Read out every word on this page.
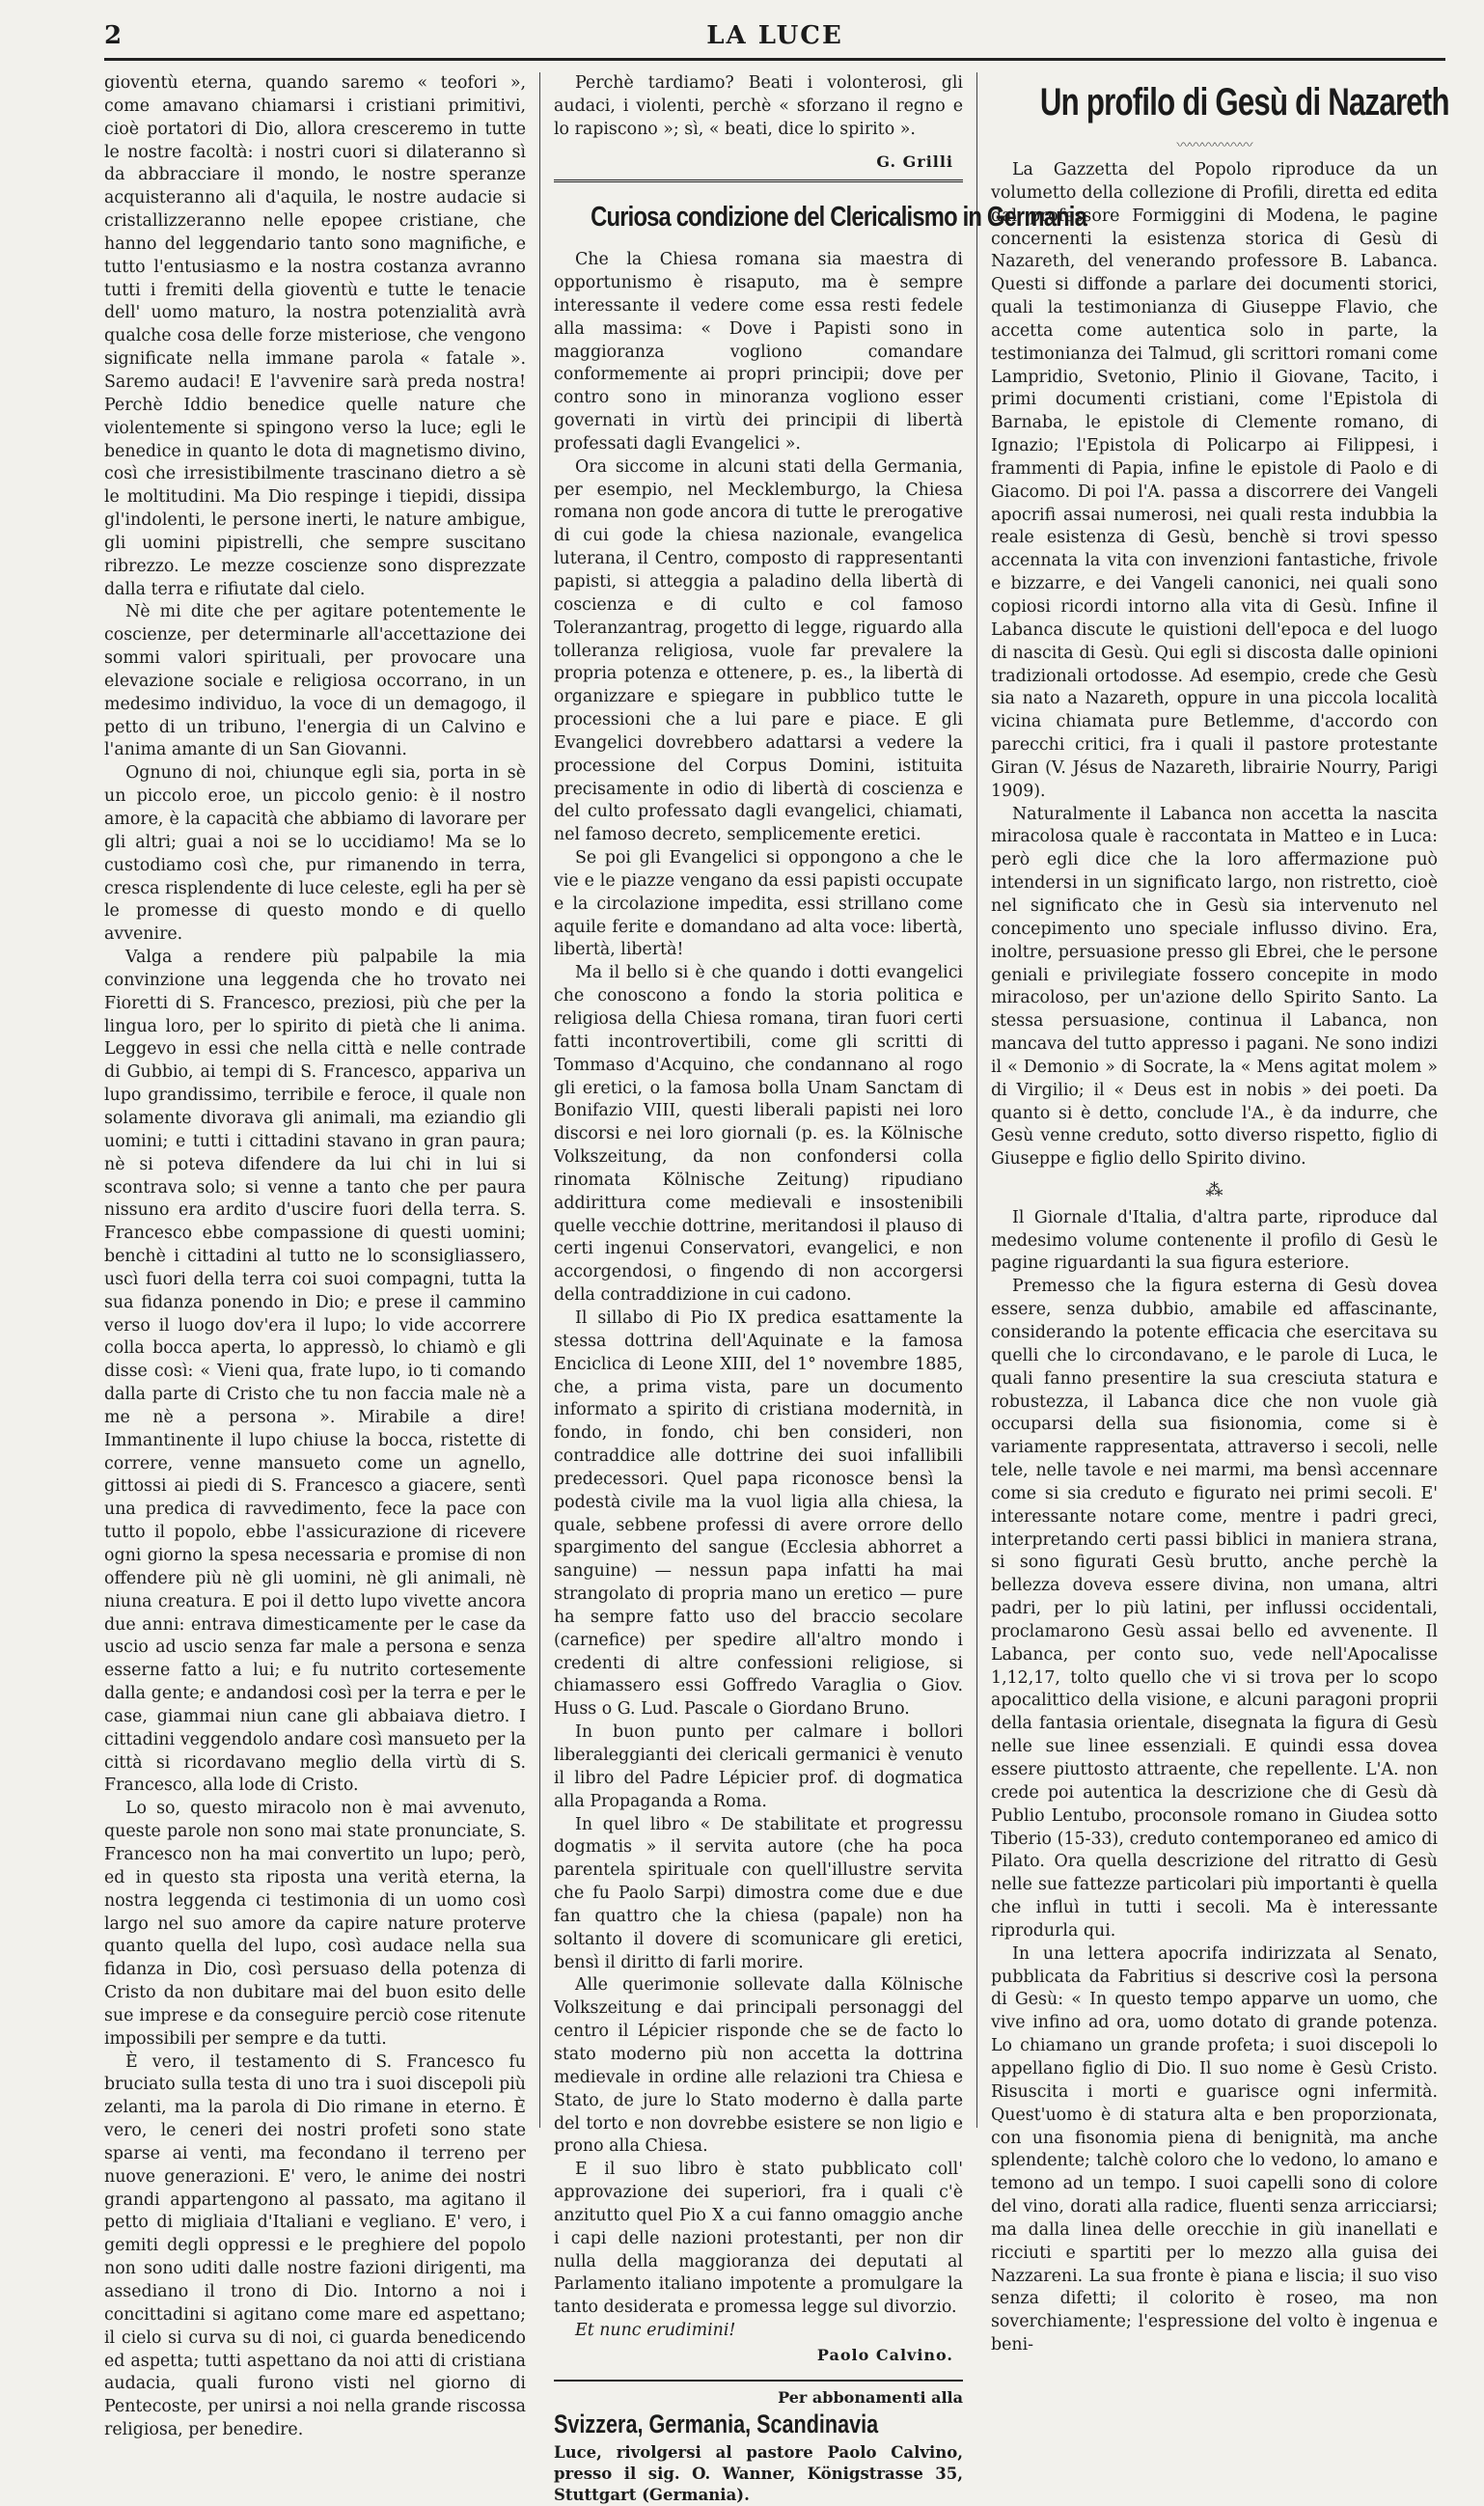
2	LA LUCE

gioventù eterna, quando saremo « teofori », come amavano chiamarsi i cristiani primitivi, cioè portatori di Dio, allora cresceremo in tutte le nostre facoltà: i nostri cuori si dilateranno sì da abbracciare il mondo, le nostre speranze acquisteranno ali d'aquila, le nostre audacie si cristallizzeranno nelle epopee cristiane, che hanno del leggendario tanto sono magnifiche, e tutto l'entusiasmo e la nostra costanza avranno tutti i fremiti della gioventù e tutte le tenacie dell' uomo maturo, la nostra potenzialità avrà qualche cosa delle forze misteriose, che vengono significate nella immane parola « fatale ». Saremo audaci! E l'avvenire sarà preda nostra! Perchè Iddio benedice quelle nature che violentemente si spingono verso la luce; egli le benedice in quanto le dota di magnetismo divino, così che irresistibilmente trascinano dietro a sè le moltitudini. Ma Dio respinge i tiepidi, dissipa gl'indolenti, le persone inerti, le nature ambigue, gli uomini pipistrelli, che sempre suscitano ribrezzo. Le mezze coscienze sono disprezzate dalla terra e rifiutate dal cielo.

Nè mi dite che per agitare potentemente le coscienze, per determinarle all'accettazione dei sommi valori spirituali, per provocare una elevazione sociale e religiosa occorrano, in un medesimo individuo, la voce di un demagogo, il petto di un tribuno, l'energia di un Calvino e l'anima amante di un San Giovanni.

Ognuno di noi, chiunque egli sia, porta in sè un piccolo eroe, un piccolo genio: è il nostro amore, è la capacità che abbiamo di lavorare per gli altri; guai a noi se lo uccidiamo! Ma se lo custodiamo così che, pur rimanendo in terra, cresca risplendente di luce celeste, egli ha per sè le promesse di questo mondo e di quello avvenire.

Valga a rendere più palpabile la mia convinzione una leggenda che ho trovato nei Fioretti di S. Francesco, preziosi, più che per la lingua loro, per lo spirito di pietà che li anima. Leggevo in essi che nella città e nelle contrade di Gubbio, ai tempi di S. Francesco, appariva un lupo grandissimo, terribile e feroce, il quale non solamente divorava gli animali, ma eziandio gli uomini; e tutti i cittadini stavano in gran paura; nè si poteva difendere da lui chi in lui si scontrava solo; si venne a tanto che per paura nissuno era ardito d'uscire fuori della terra. S. Francesco ebbe compassione di questi uomini; benchè i cittadini al tutto ne lo sconsigliassero, uscì fuori della terra coi suoi compagni, tutta la sua fidanza ponendo in Dio; e prese il cammino verso il luogo dov'era il lupo; lo vide accorrere colla bocca aperta, lo appressò, lo chiamò e gli disse così: « Vieni qua, frate lupo, io ti comando dalla parte di Cristo che tu non faccia male nè a me nè a persona ». Mirabile a dire! Immantinente il lupo chiuse la bocca, ristette di correre, venne mansueto come un agnello, gittossi ai piedi di S. Francesco a giacere, sentì una predica di ravvedimento, fece la pace con tutto il popolo, ebbe l'assicurazione di ricevere ogni giorno la spesa necessaria e promise di non offendere più nè gli uomini, nè gli animali, nè niuna creatura. E poi il detto lupo vivette ancora due anni: entrava dimesticamente per le case da uscio ad uscio senza far male a persona e senza esserne fatto a lui; e fu nutrito cortesemente dalla gente; e andandosi così per la terra e per le case, giammai niun cane gli abbaiava dietro. I cittadini veggendolo andare così mansueto per la città si ricordavano meglio della virtù di S. Francesco, alla lode di Cristo.

Lo so, questo miracolo non è mai avvenuto, queste parole non sono mai state pronunciate, S. Francesco non ha mai convertito un lupo; però, ed in questo sta riposta una verità eterna, la nostra leggenda ci testimonia di un uomo così largo nel suo amore da capire nature proterve quanto quella del lupo, così audace nella sua fidanza in Dio, così persuaso della potenza di Cristo da non dubitare mai del buon esito delle sue imprese e da conseguire perciò cose ritenute impossibili per sempre e da tutti.

È vero, il testamento di S. Francesco fu bruciato sulla testa di uno tra i suoi discepoli più zelanti, ma la parola di Dio rimane in eterno. È vero, le ceneri dei nostri profeti sono state sparse ai venti, ma fecondano il terreno per nuove generazioni. E' vero, le anime dei nostri grandi appartengono al passato, ma agitano il petto di migliaia d'Italiani e vegliano. E' vero, i gemiti degli oppressi e le preghiere del popolo non sono uditi dalle nostre fazioni dirigenti, ma assediano il trono di Dio. Intorno a noi i concittadini si agitano come mare ed aspettano; il cielo si curva su di noi, ci guarda benedicendo ed aspetta; tutti aspettano da noi atti di cristiana audacia, quali furono visti nel giorno di Pentecoste, per unirsi a noi nella grande riscossa religiosa, per benedire.

Perchè tardiamo? Beati i volonterosi, gli audaci, i violenti, perchè « sforzano il regno e lo rapiscono »; sì, « beati, dice lo spirito ».

G. Grilli
Curiosa condizione del Clericalismo in Germania

Che la Chiesa romana sia maestra di opportunismo è risaputo, ma è sempre interessante il vedere come essa resti fedele alla massima: « Dove i Papisti sono in maggioranza vogliono comandare conformemente ai propri principii; dove per contro sono in minoranza vogliono esser governati in virtù dei principii di libertà professati dagli Evangelici ».

Ora siccome in alcuni stati della Germania, per esempio, nel Mecklemburgo, la Chiesa romana non gode ancora di tutte le prerogative di cui gode la chiesa nazionale, evangelica luterana, il Centro, composto di rappresentanti papisti, si atteggia a paladino della libertà di coscienza e di culto e col famoso Toleranzantrag, progetto di legge, riguardo alla tolleranza religiosa, vuole far prevalere la propria potenza e ottenere, p. es., la libertà di organizzare e spiegare in pubblico tutte le processioni che a lui pare e piace. E gli Evangelici dovrebbero adattarsi a vedere la processione del Corpus Domini, istituita precisamente in odio di libertà di coscienza e del culto professato dagli evangelici, chiamati, nel famoso decreto, semplicemente eretici.

Se poi gli Evangelici si oppongono a che le vie e le piazze vengano da essi papisti occupate e la circolazione impedita, essi strillano come aquile ferite e domandano ad alta voce: libertà, libertà, libertà!

Ma il bello si è che quando i dotti evangelici che conoscono a fondo la storia politica e religiosa della Chiesa romana, tiran fuori certi fatti incontrovertibili, come gli scritti di Tommaso d'Acquino, che condannano al rogo gli eretici, o la famosa bolla Unam Sanctam di Bonifazio VIII, questi liberali papisti nei loro discorsi e nei loro giornali (p. es. la Kölnische Volkszeitung, da non confondersi colla rinomata Kölnische Zeitung) ripudiano addirittura come medievali e insostenibili quelle vecchie dottrine, meritandosi il plauso di certi ingenui Conservatori, evangelici, e non accorgendosi, o fingendo di non accorgersi della contraddizione in cui cadono.

Il sillabo di Pio IX predica esattamente la stessa dottrina dell'Aquinate e la famosa Enciclica di Leone XIII, del 1° novembre 1885, che, a prima vista, pare un documento informato a spirito di cristiana modernità, in fondo, in fondo, chi ben consideri, non contraddice alle dottrine dei suoi infallibili predecessori. Quel papa riconosce bensì la podestà civile ma la vuol ligia alla chiesa, la quale, sebbene professi di avere orrore dello spargimento del sangue (Ecclesia abhorret a sanguine) — nessun papa infatti ha mai strangolato di propria mano un eretico — pure ha sempre fatto uso del braccio secolare (carnefice) per spedire all'altro mondo i credenti di altre confessioni religiose, si chiamassero essi Goffredo Varaglia o Giov. Huss o G. Lud. Pascale o Giordano Bruno.

In buon punto per calmare i bollori liberaleggianti dei clericali germanici è venuto il libro del Padre Lépicier prof. di dogmatica alla Propaganda a Roma.

In quel libro « De stabilitate et progressu dogmatis » il servita autore (che ha poca parentela spirituale con quell'illustre servita che fu Paolo Sarpi) dimostra come due e due fan quattro che la chiesa (papale) non ha soltanto il dovere di scomunicare gli eretici, bensì il diritto di farli morire.

Alle querimonie sollevate dalla Kölnische Volkszeitung e dai principali personaggi del centro il Lépicier risponde che se de facto lo stato moderno più non accetta la dottrina medievale in ordine alle relazioni tra Chiesa e Stato, de jure lo Stato moderno è dalla parte del torto e non dovrebbe esistere se non ligio e prono alla Chiesa.

E il suo libro è stato pubblicato coll' approvazione dei superiori, fra i quali c'è anzitutto quel Pio X a cui fanno omaggio anche i capi delle nazioni protestanti, per non dir nulla della maggioranza dei deputati al Parlamento italiano impotente a promulgare la tanto desiderata e promessa legge sul divorzio.

Et nunc erudimini!

Paolo Calvino.
Per abbonamenti alla
Svizzera, Germania, Scandinavia
Luce, rivolgersi al pastore Paolo Calvino, presso il sig. O. Wanner, Königstrasse 35, Stuttgart (Germania).
Un profilo di Gesù di Nazareth
〰〰〰〰〰〰

La Gazzetta del Popolo riproduce da un volumetto della collezione di Profili, diretta ed edita dal professore Formiggini di Modena, le pagine concernenti la esistenza storica di Gesù di Nazareth, del venerando professore B. Labanca. Questi si diffonde a parlare dei documenti storici, quali la testimonianza di Giuseppe Flavio, che accetta come autentica solo in parte, la testimonianza dei Talmud, gli scrittori romani come Lampridio, Svetonio, Plinio il Giovane, Tacito, i primi documenti cristiani, come l'Epistola di Barnaba, le epistole di Clemente romano, di Ignazio; l'Epistola di Policarpo ai Filippesi, i frammenti di Papia, infine le epistole di Paolo e di Giacomo. Di poi l'A. passa a discorrere dei Vangeli apocrifi assai numerosi, nei quali resta indubbia la reale esistenza di Gesù, benchè si trovi spesso accennata la vita con invenzioni fantastiche, frivole e bizzarre, e dei Vangeli canonici, nei quali sono copiosi ricordi intorno alla vita di Gesù. Infine il Labanca discute le quistioni dell'epoca e del luogo di nascita di Gesù. Qui egli si discosta dalle opinioni tradizionali ortodosse. Ad esempio, crede che Gesù sia nato a Nazareth, oppure in una piccola località vicina chiamata pure Betlemme, d'accordo con parecchi critici, fra i quali il pastore protestante Giran (V. Jésus de Nazareth, librairie Nourry, Parigi 1909).

Naturalmente il Labanca non accetta la nascita miracolosa quale è raccontata in Matteo e in Luca: però egli dice che la loro affermazione può intendersi in un significato largo, non ristretto, cioè nel significato che in Gesù sia intervenuto nel concepimento uno speciale influsso divino. Era, inoltre, persuasione presso gli Ebrei, che le persone geniali e privilegiate fossero concepite in modo miracoloso, per un'azione dello Spirito Santo. La stessa persuasione, continua il Labanca, non mancava del tutto appresso i pagani. Ne sono indizi il « Demonio » di Socrate, la « Mens agitat molem » di Virgilio; il « Deus est in nobis » dei poeti. Da quanto si è detto, conclude l'A., è da indurre, che Gesù venne creduto, sotto diverso rispetto, figlio di Giuseppe e figlio dello Spirito divino.

⁂

Il Giornale d'Italia, d'altra parte, riproduce dal medesimo volume contenente il profilo di Gesù le pagine riguardanti la sua figura esteriore.

Premesso che la figura esterna di Gesù dovea essere, senza dubbio, amabile ed affascinante, considerando la potente efficacia che esercitava su quelli che lo circondavano, e le parole di Luca, le quali fanno presentire la sua cresciuta statura e robustezza, il Labanca dice che non vuole già occuparsi della sua fisionomia, come si è variamente rappresentata, attraverso i secoli, nelle tele, nelle tavole e nei marmi, ma bensì accennare come si sia creduto e figurato nei primi secoli. E' interessante notare come, mentre i padri greci, interpretando certi passi biblici in maniera strana, si sono figurati Gesù brutto, anche perchè la bellezza doveva essere divina, non umana, altri padri, per lo più latini, per influssi occidentali, proclamarono Gesù assai bello ed avvenente. Il Labanca, per conto suo, vede nell'Apocalisse 1,12,17, tolto quello che vi si trova per lo scopo apocalittico della visione, e alcuni paragoni proprii della fantasia orientale, disegnata la figura di Gesù nelle sue linee essenziali. E quindi essa dovea essere piuttosto attraente, che repellente. L'A. non crede poi autentica la descrizione che di Gesù dà Publio Lentubo, proconsole romano in Giudea sotto Tiberio (15-33), creduto contemporaneo ed amico di Pilato. Ora quella descrizione del ritratto di Gesù nelle sue fattezze particolari più importanti è quella che influì in tutti i secoli. Ma è interessante riprodurla qui.

In una lettera apocrifa indirizzata al Senato, pubblicata da Fabritius si descrive così la persona di Gesù: « In questo tempo apparve un uomo, che vive infino ad ora, uomo dotato di grande potenza. Lo chiamano un grande profeta; i suoi discepoli lo appellano figlio di Dio. Il suo nome è Gesù Cristo. Risuscita i morti e guarisce ogni infermità. Quest'uomo è di statura alta e ben proporzionata, con una fisonomia piena di benignità, ma anche splendente; talchè coloro che lo vedono, lo amano e temono ad un tempo. I suoi capelli sono di colore del vino, dorati alla radice, fluenti senza arricciarsi; ma dalla linea delle orecchie in giù inanellati e ricciuti e spartiti per lo mezzo alla guisa dei Nazzareni. La sua fronte è piana e liscia; il suo viso senza difetti; il colorito è roseo, ma non soverchiamente; l'espressione del volto è ingenua e beni-
